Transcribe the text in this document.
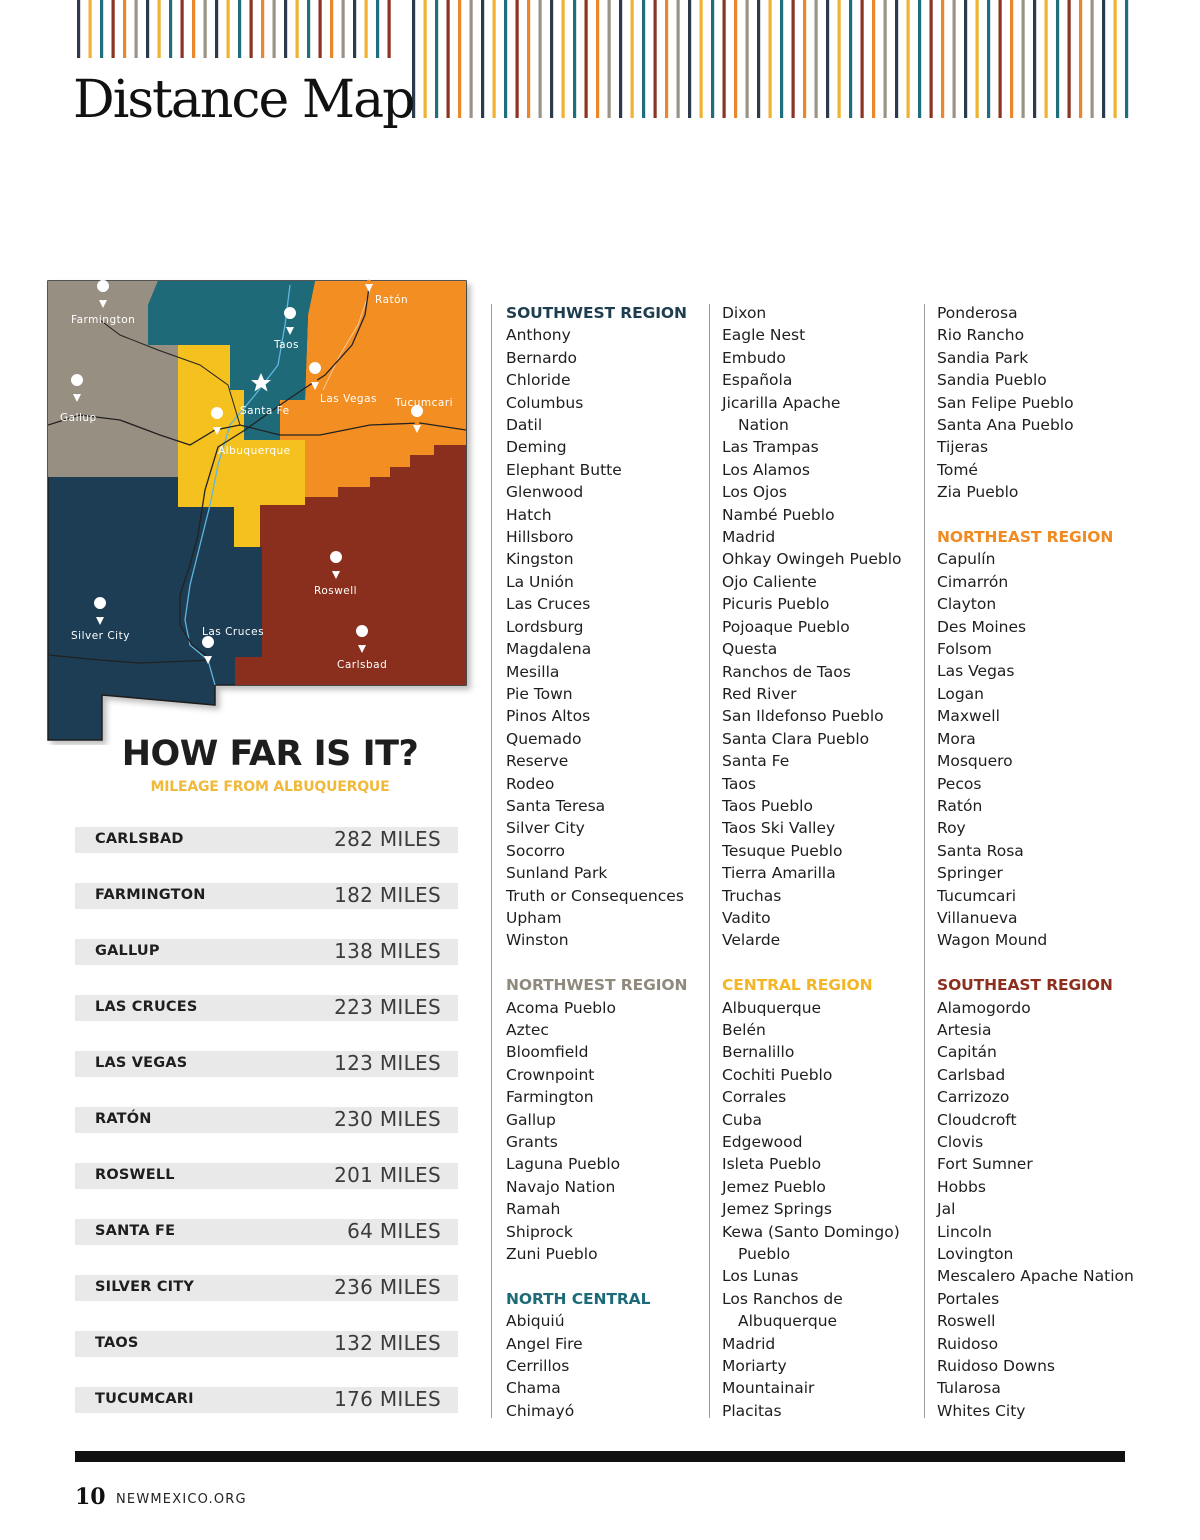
Distance Map
Farmington
Taos
Ratón
Gallup
Santa Fe
Las Vegas Tucumcari
Albuquerque
Roswell
Silver City	Las Cruces
Carlsbad
HOW FAR IS IT?
MILEAGE FROM ALBUQUERQUE
CARLSBAD	282 MILES
FARMINGTON	182 MILES
GALLUP	138 MILES
LAS CRUCES	223 MILES
LAS VEGAS	123 MILES
RATÓN	230 MILES
ROSWELL	201 MILES
SANTA FE	64 MILES
SILVER CITY	236 MILES
TAOS	132 MILES
TUCUMCARI	176 MILES
SOUTHWEST REGION
Anthony
Bernardo
Chloride
Columbus
Datil
Deming
Elephant Butte
Glenwood
Hatch
Hillsboro
Kingston
La Unión
Las Cruces
Lordsburg
Magdalena
Mesilla
Pie Town
Pinos Altos
Quemado
Reserve
Rodeo
Santa Teresa
Silver City
Socorro
Sunland Park
Truth or Consequences
Upham
Winston
NORTHWEST REGION
Acoma Pueblo
Aztec
Bloomfield
Crownpoint
Farmington
Gallup
Grants
Laguna Pueblo
Navajo Nation
Ramah
Shiprock
Zuni Pueblo
NORTH CENTRAL
Abiquiú
Angel Fire
Cerrillos
Chama
Chimayó
Dixon
Eagle Nest
Embudo
Española
Jicarilla Apache
Nation
Las Trampas
Los Alamos
Los Ojos
Nambé Pueblo
Madrid
Ohkay Owingeh Pueblo
Ojo Caliente
Picuris Pueblo
Pojoaque Pueblo
Questa
Ranchos de Taos
Red River
San Ildefonso Pueblo
Santa Clara Pueblo
Santa Fe
Taos
Taos Pueblo
Taos Ski Valley
Tesuque Pueblo
Tierra Amarilla
Truchas
Vadito
Velarde
CENTRAL REGION
Albuquerque
Belén
Bernalillo
Cochiti Pueblo
Corrales
Cuba
Edgewood
Isleta Pueblo
Jemez Pueblo
Jemez Springs
Kewa (Santo Domingo)
Pueblo
Los Lunas
Los Ranchos de
Albuquerque
Madrid
Moriarty
Mountainair
Placitas
Ponderosa
Rio Rancho
Sandia Park
Sandia Pueblo
San Felipe Pueblo
Santa Ana Pueblo
Tijeras
Tomé
Zia Pueblo
NORTHEAST REGION
Capulín
Cimarrón
Clayton
Des Moines
Folsom
Las Vegas
Logan
Maxwell
Mora
Mosquero
Pecos
Ratón
Roy
Santa Rosa
Springer
Tucumcari
Villanueva
Wagon Mound
SOUTHEAST REGION
Alamogordo
Artesia
Capitán
Carlsbad
Carrizozo
Cloudcroft
Clovis
Fort Sumner
Hobbs
Jal
Lincoln
Lovington
Mescalero Apache Nation
Portales
Roswell
Ruidoso
Ruidoso Downs
Tularosa
Whites City
10 NEWMEXICO.ORG
